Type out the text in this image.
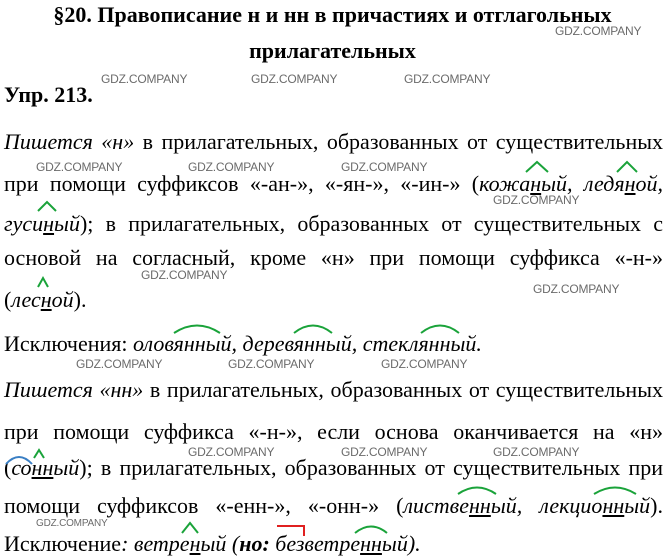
§20. Правописание н и нн в причастиях и отглагольных
прилагательных
Упр. 213.
Пишется «н» в прилагательных, образованных от существительных
при помощи суффиксов «-ан-», «-ян-», «-ин-» (кожаный, ледяной,
гусиный); в прилагательных, образованных от существительных с
основой на согласный, кроме «н» при помощи суффикса «-н-»
(лесной).
Исключения: оловянный, деревянный, стеклянный.
Пишется «нн» в прилагательных, образованных от существительных
при помощи суффикса «-н-», если основа оканчивается на «н»
(сонный); в прилагательных, образованных от существительных при
помощи суффиксов «-енн-», «-онн-» (лиственный, лекционный).
Исключение: ветреный (но: безветренный).
GDZ.COMPANY
GDZ.COMPANY	GDZ.COMPANY	GDZ.COMPANY
GDZ.COMPANY	GDZ.COMPANY	GDZ.COMPANY
GDZ.COMPANY
GDZ.COMPANY
GDZ.COMPANY
GDZ.COMPANY	GDZ.COMPANY	GDZ.COMPANY
GDZ.COMPANY	GDZ.COMPANY	GDZ.COMPANY
GDZ.COMPANY
